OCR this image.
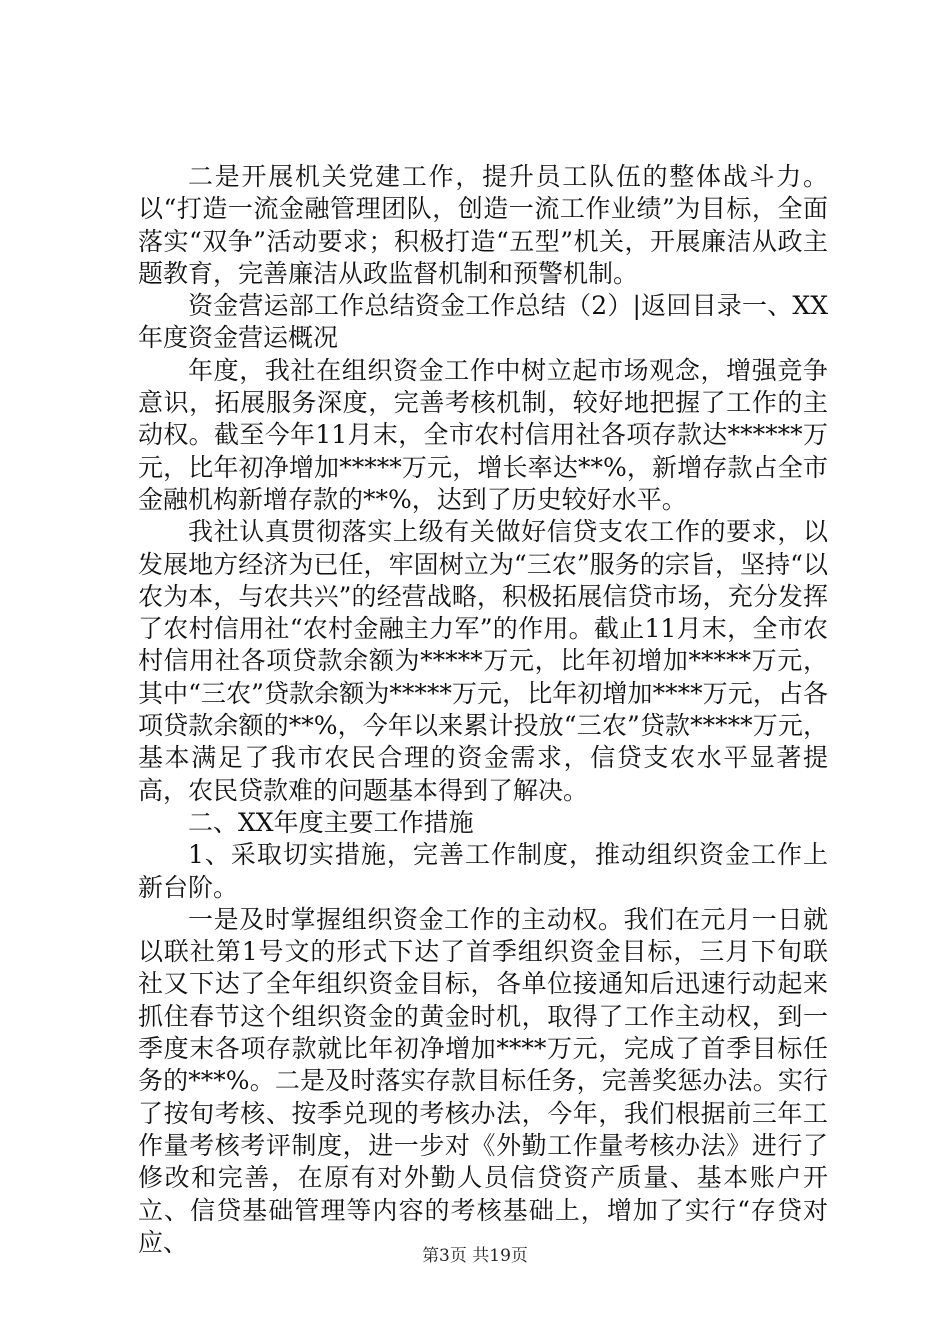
二是开展机关党建工作，提升员工队伍的整体战斗力。以“打造一流金融管理团队，创造一流工作业绩”为目标，全面落实“双争”活动要求；积极打造“五型”机关，开展廉洁从政主题教育，完善廉洁从政监督机制和预警机制。

资金营运部工作总结资金工作总结（2）|返回目录一、XX年度资金营运概况

年度，我社在组织资金工作中树立起市场观念，增强竞争意识，拓展服务深度，完善考核机制，较好地把握了工作的主动权。截至今年11月末，全市农村信用社各项存款达******万元，比年初净增加*****万元，增长率达**%，新增存款占全市金融机构新增存款的**%，达到了历史较好水平。

我社认真贯彻落实上级有关做好信贷支农工作的要求，以发展地方经济为已任，牢固树立为“三农”服务的宗旨，坚持“以农为本，与农共兴”的经营战略，积极拓展信贷市场，充分发挥了农村信用社“农村金融主力军”的作用。截止11月末，全市农村信用社各项贷款余额为*****万元，比年初增加*****万元，其中“三农”贷款余额为*****万元，比年初增加****万元，占各项贷款余额的**%，今年以来累计投放“三农”贷款*****万元，基本满足了我市农民合理的资金需求，信贷支农水平显著提高，农民贷款难的问题基本得到了解决。

二、XX年度主要工作措施

1、采取切实措施，完善工作制度，推动组织资金工作上新台阶。

一是及时掌握组织资金工作的主动权。我们在元月一日就以联社第1号文的形式下达了首季组织资金目标，三月下旬联社又下达了全年组织资金目标，各单位接通知后迅速行动起来抓住春节这个组织资金的黄金时机，取得了工作主动权，到一季度末各项存款就比年初净增加****万元，完成了首季目标任务的***%。二是及时落实存款目标任务，完善奖惩办法。实行了按旬考核、按季兑现的考核办法，今年，我们根据前三年工作量考核考评制度，进一步对《外勤工作量考核办法》进行了修改和完善，在原有对外勤人员信贷资产质量、基本账户开立、信贷基础管理等内容的考核基础上，增加了实行“存贷对应、	第3页 共19页
